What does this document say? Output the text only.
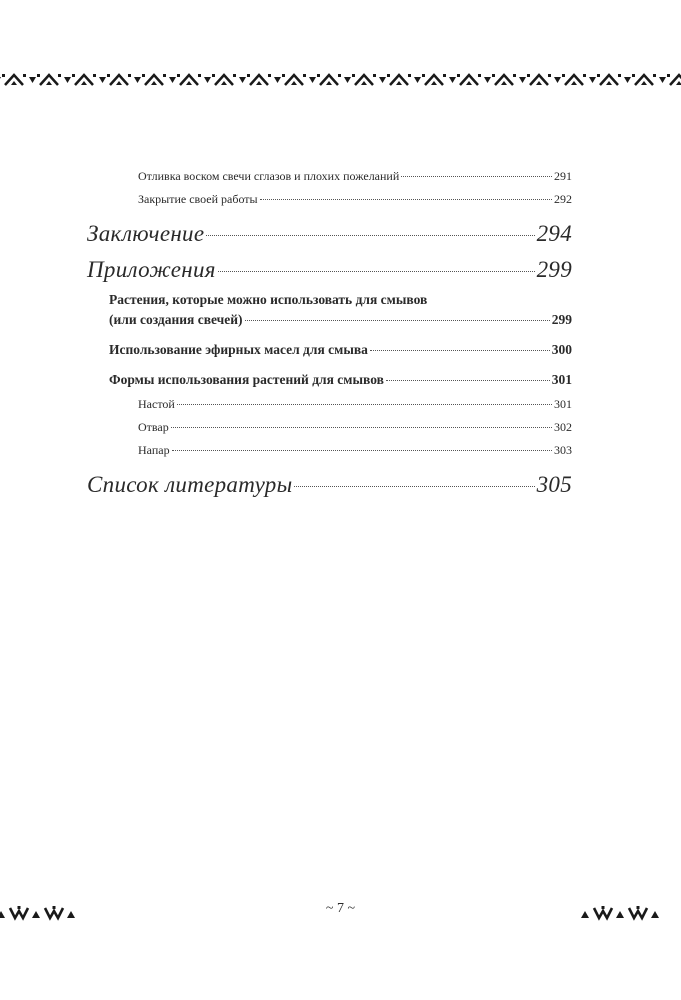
Отливка воском свечи сглазов и плохих пожеланий	291
Закрытие своей работы	292
Заключение	294
Приложения	299
Растения, которые можно использовать для смывов
(или создания свечей)	299
Использование эфирных масел для смыва	300
Формы использования растений для смывов	301
Настой	301
Отвар	302
Напар	303
Список литературы	305
~ 7 ~
